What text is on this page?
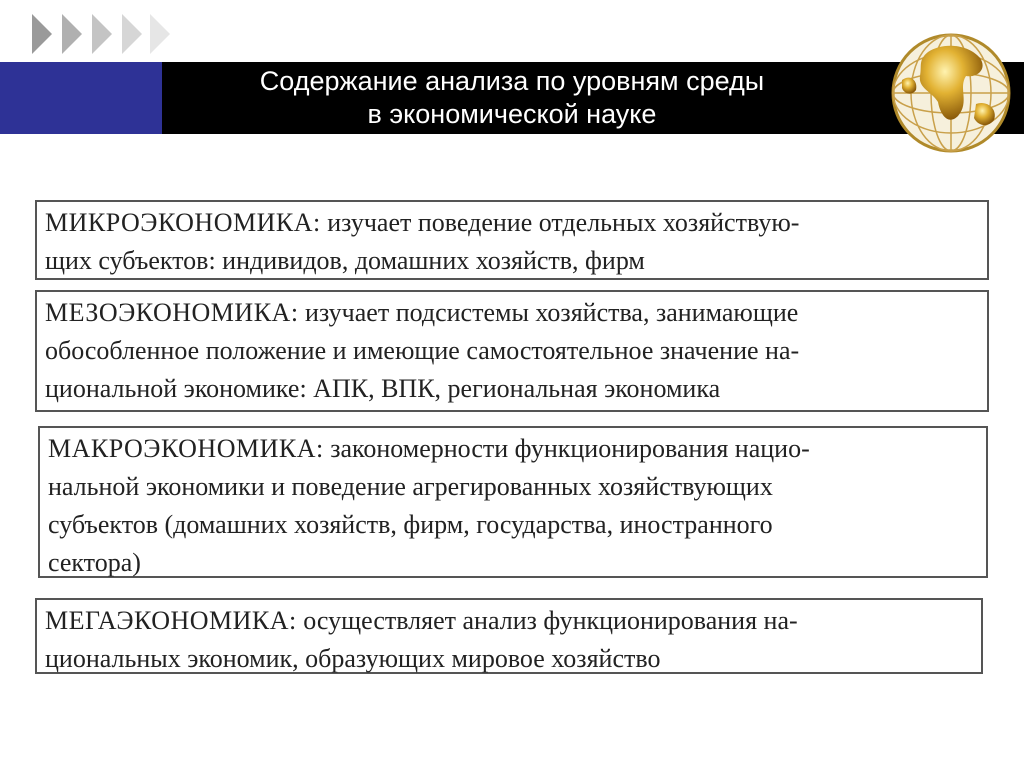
Содержание анализа по уровням среды
в экономической науке
МИКРОЭКОНОМИКА: изучает поведение отдельных хозяйствую-
щих субъектов: индивидов, домашних хозяйств, фирм
МЕЗОЭКОНОМИКА: изучает подсистемы хозяйства, занимающие
обособленное положение и имеющие самостоятельное значение на-
циональной экономике: АПК, ВПК, региональная экономика
МАКРОЭКОНОМИКА: закономерности функционирования нацио-
нальной экономики и поведение агрегированных хозяйствующих
субъектов (домашних хозяйств, фирм, государства, иностранного
сектора)
МЕГАЭКОНОМИКА: осуществляет анализ функционирования на-
циональных экономик, образующих мировое хозяйство
